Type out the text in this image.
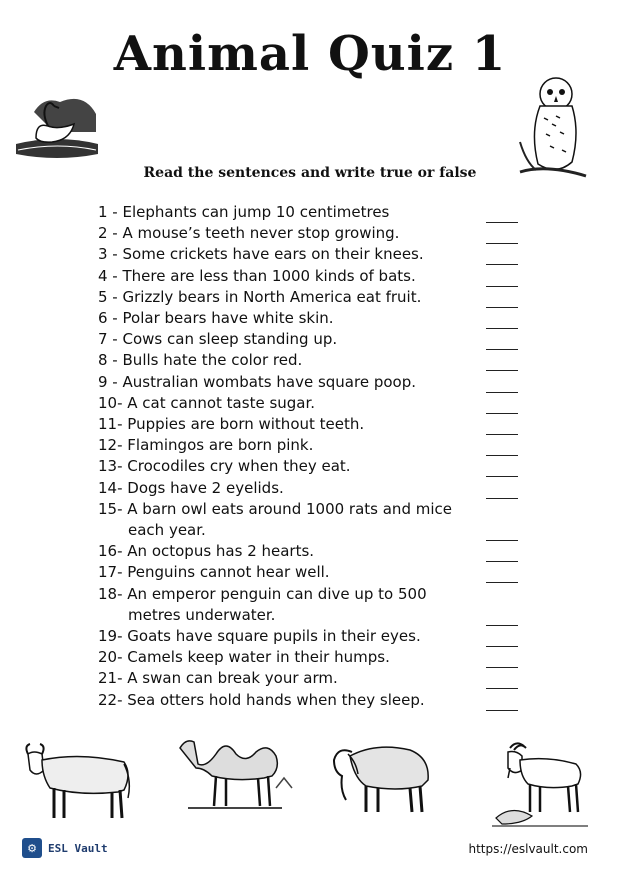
Animal Quiz 1
Read the sentences and write true or false
1 - Elephants can jump 10 centimetres
2 - A mouse’s teeth never stop growing.
3 - Some crickets have ears on their knees.
4 - There are less than 1000 kinds of bats.
5 - Grizzly bears in North America eat fruit.
6 - Polar bears have white skin.
7 - Cows can sleep standing up.
8 - Bulls hate the color red.
9 - Australian wombats have square poop.
10- A cat cannot taste sugar.
11- Puppies are born without teeth.
12- Flamingos are born pink.
13- Crocodiles cry when they eat.
14- Dogs have 2 eyelids.
15- A barn owl eats around 1000 rats and mice
each year.
16- An octopus has 2 hearts.
17- Penguins cannot hear well.
18- An emperor penguin can dive up to 500
metres underwater.
19- Goats have square pupils in their eyes.
20- Camels keep water in their humps.
21- A swan can break your arm.
22- Sea otters hold hands when they sleep.
⚙	ESL Vault	https://eslvault.com
